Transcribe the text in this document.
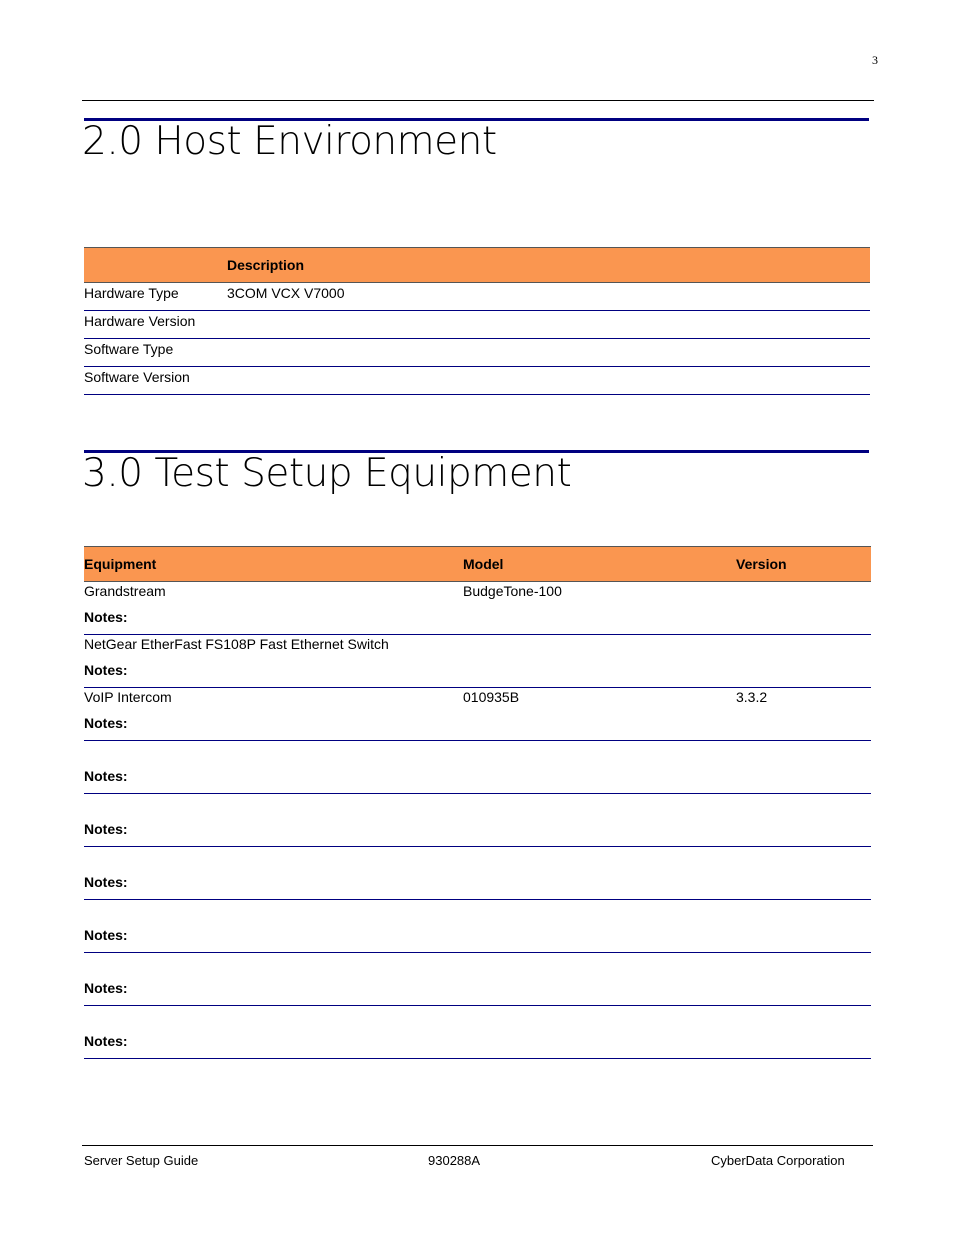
3
2.0 Host Environment
	Description
Hardware Type	3COM VCX V7000
Hardware Version	
Software Type	
Software Version	
3.0 Test Setup Equipment
Equipment	Model	Version
Grandstream	BudgeTone-100	
Notes:		
NetGear EtherFast FS108P Fast Ethernet Switch		
Notes:		
VoIP Intercom	010935B	3.3.2
Notes:		

Notes:		

Notes:		

Notes:		

Notes:		

Notes:		

Notes:		
Server Setup Guide	930288A	CyberData Corporation
